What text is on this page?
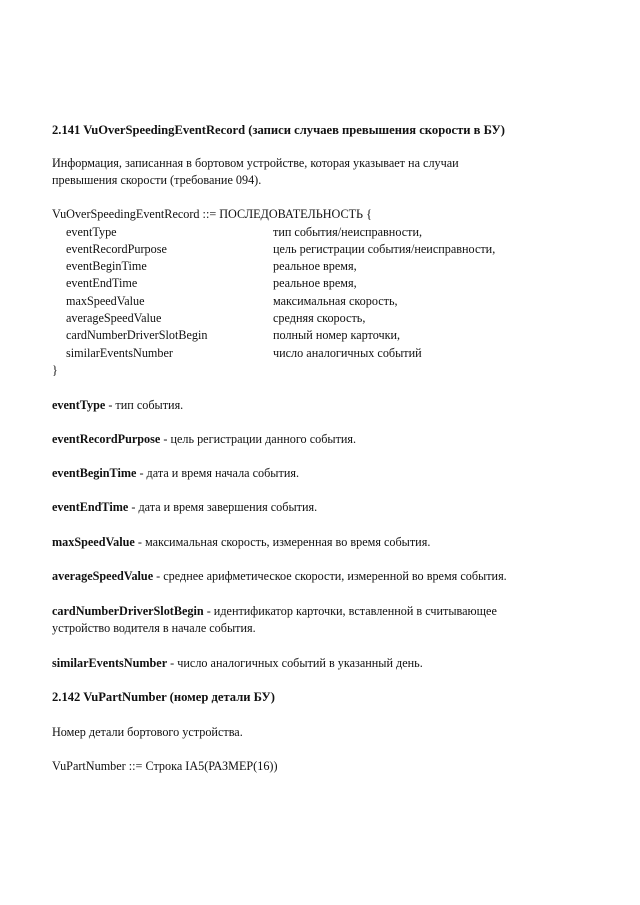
2.141 VuOverSpeedingEventRecord (записи случаев превышения скорости в БУ)
Информация, записанная в бортовом устройстве, которая указывает на случаи
превышения скорости (требование 094).
VuOverSpeedingEventRecord ::= ПОСЛЕДОВАТЕЛЬНОСТЬ {
eventType	тип события/неисправности,
eventRecordPurpose	цель регистрации события/неисправности,
eventBeginTime	реальное время,
eventEndTime	реальное время,
maxSpeedValue	максимальная скорость,
averageSpeedValue	средняя скорость,
cardNumberDriverSlotBegin	полный номер карточки,
similarEventsNumber	число аналогичных событий
}
eventType - тип события.
eventRecordPurpose - цель регистрации данного события.
eventBeginTime - дата и время начала события.
eventEndTime - дата и время завершения события.
maxSpeedValue - максимальная скорость, измеренная во время события.
averageSpeedValue - среднее арифметическое скорости, измеренной во время события.
cardNumberDriverSlotBegin - идентификатор карточки, вставленной в считывающее
устройство водителя в начале события.
similarEventsNumber - число аналогичных событий в указанный день.
2.142 VuPartNumber (номер детали БУ)
Номер детали бортового устройства.
VuPartNumber ::= Строка IA5(РАЗМЕР(16))
